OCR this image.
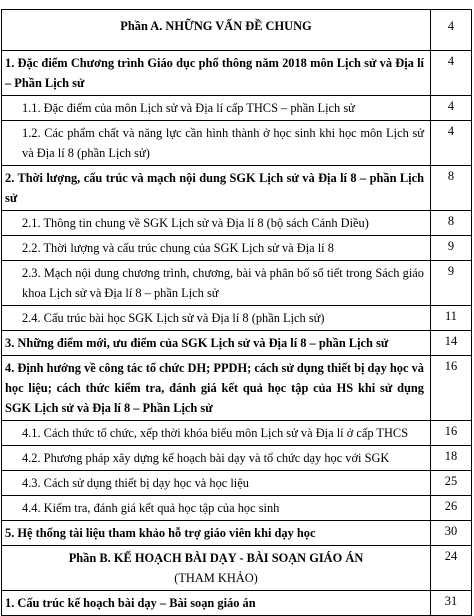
Phần A. NHỮNG VẤN ĐỀ CHUNG	4
1. Đặc điểm Chương trình Giáo dục phổ thông năm 2018 môn Lịch sử và Địa lí – Phần Lịch sử	4
1.1. Đặc điểm của môn Lịch sử và Địa lí cấp THCS – phần Lịch sử	4
1.2. Các phẩm chất và năng lực cần hình thành ở học sinh khi học môn Lịch sử và Địa lí 8 (phần Lịch sử)	4
2. Thời lượng, cấu trúc và mạch nội dung SGK Lịch sử và Địa lí 8 – phần Lịch sử	8
2.1. Thông tin chung về SGK Lịch sử và Địa lí 8 (bộ sách Cánh Diều)	8
2.2. Thời lượng và cấu trúc chung của SGK Lịch sử và Địa lí 8	9
2.3. Mạch nội dung chương trình, chương, bài và phân bổ số tiết trong Sách giáo khoa Lịch sử và Địa lí 8 – phần Lịch sử	9
2.4. Cấu trúc bài học SGK Lịch sử và Địa lí 8 (phần Lịch sử)	11
3. Những điểm mới, ưu điểm của SGK Lịch sử và Địa lí 8 – phần Lịch sử	14
4. Định hướng về công tác tổ chức DH; PPDH; cách sử dụng thiết bị dạy học và học liệu; cách thức kiểm tra, đánh giá kết quả học tập của HS khi sử dụng SGK Lịch sử và Địa lí 8 – Phần Lịch sử	16
4.1. Cách thức tổ chức, xếp thời khóa biểu môn Lịch sử và Địa lí ở cấp THCS	16
4.2. Phương pháp xây dựng kế hoạch bài dạy và tổ chức dạy học với SGK	18
4.3. Cách sử dụng thiết bị dạy học và học liệu	25
4.4. Kiểm tra, đánh giá kết quả học tập của học sinh	26
5. Hệ thống tài liệu tham khảo hỗ trợ giáo viên khi dạy học	30
Phần B. KẾ HOẠCH BÀI DẠY - BÀI SOẠN GIÁO ÁN
(THAM KHẢO)	24
1. Cấu trúc kế hoạch bài dạy – Bài soạn giáo án	31
